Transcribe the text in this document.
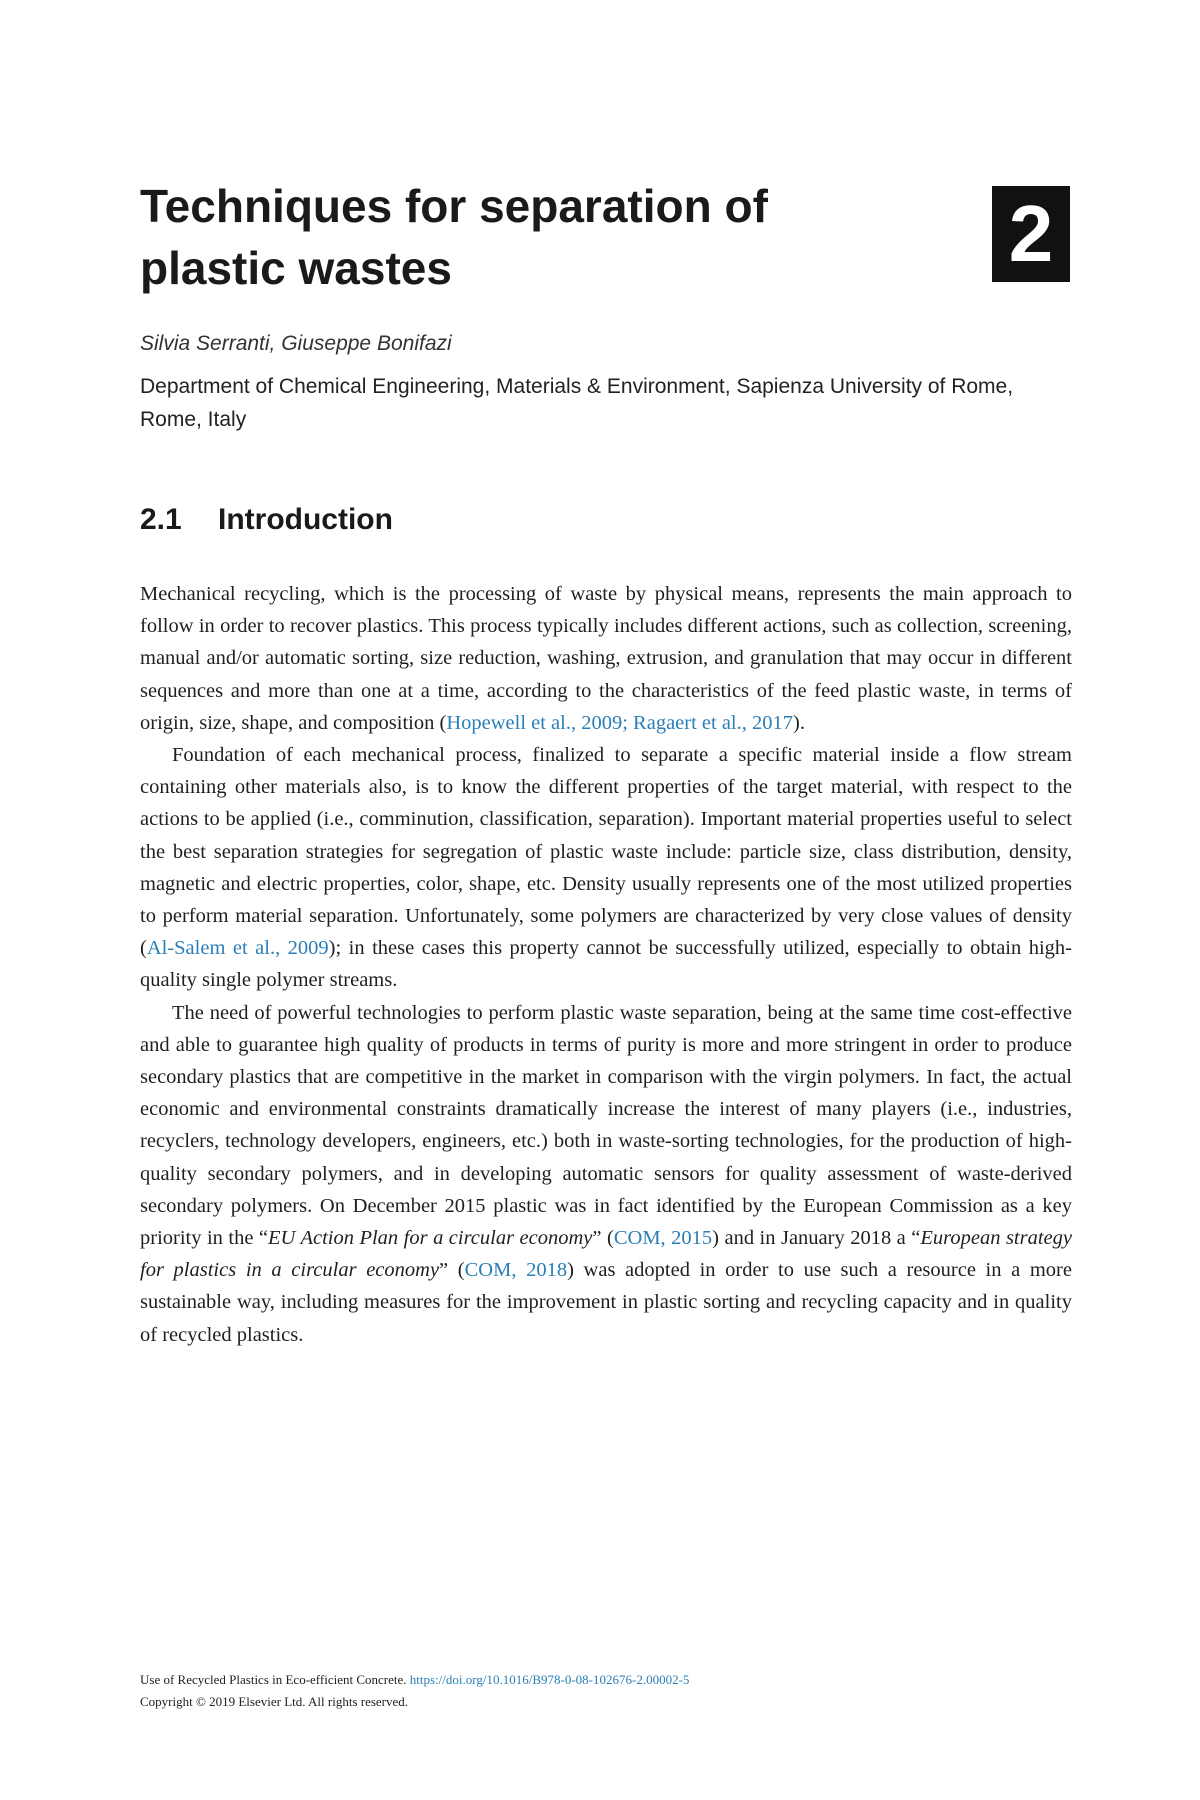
Techniques for separation of
plastic wastes	2
Silvia Serranti, Giuseppe Bonifazi
Department of Chemical Engineering, Materials & Environment, Sapienza University of Rome, Rome, Italy
2.1 Introduction

Mechanical recycling, which is the processing of waste by physical means, represents the main approach to follow in order to recover plastics. This process typically includes different actions, such as collection, screening, manual and/or automatic sorting, size reduction, washing, extrusion, and granulation that may occur in different sequences and more than one at a time, according to the characteristics of the feed plastic waste, in terms of origin, size, shape, and composition (Hopewell et al., 2009; Ragaert et al., 2017).

Foundation of each mechanical process, finalized to separate a specific material inside a flow stream containing other materials also, is to know the different properties of the target material, with respect to the actions to be applied (i.e., comminution, classification, separation). Important material properties useful to select the best separation strategies for segregation of plastic waste include: particle size, class distribution, density, magnetic and electric properties, color, shape, etc. Density usually represents one of the most utilized properties to perform material separation. Unfortunately, some polymers are characterized by very close values of density (Al-Salem et al., 2009); in these cases this property cannot be successfully utilized, especially to obtain high-quality single polymer streams.

The need of powerful technologies to perform plastic waste separation, being at the same time cost-effective and able to guarantee high quality of products in terms of purity is more and more stringent in order to produce secondary plastics that are competitive in the market in comparison with the virgin polymers. In fact, the actual economic and environmental constraints dramatically increase the interest of many players (i.e., industries, recyclers, technology developers, engineers, etc.) both in waste-sorting technologies, for the production of high-quality secondary polymers, and in developing automatic sensors for quality assessment of waste-derived secondary polymers. On December 2015 plastic was in fact identified by the European Commission as a key priority in the “EU Action Plan for a circular economy” (COM, 2015) and in January 2018 a “European strategy for plastics in a circular economy” (COM, 2018) was adopted in order to use such a resource in a more sustainable way, including measures for the improvement in plastic sorting and recycling capacity and in quality of recycled plastics.

Use of Recycled Plastics in Eco-efficient Concrete. https://doi.org/10.1016/B978-0-08-102676-2.00002-5
Copyright © 2019 Elsevier Ltd. All rights reserved.
